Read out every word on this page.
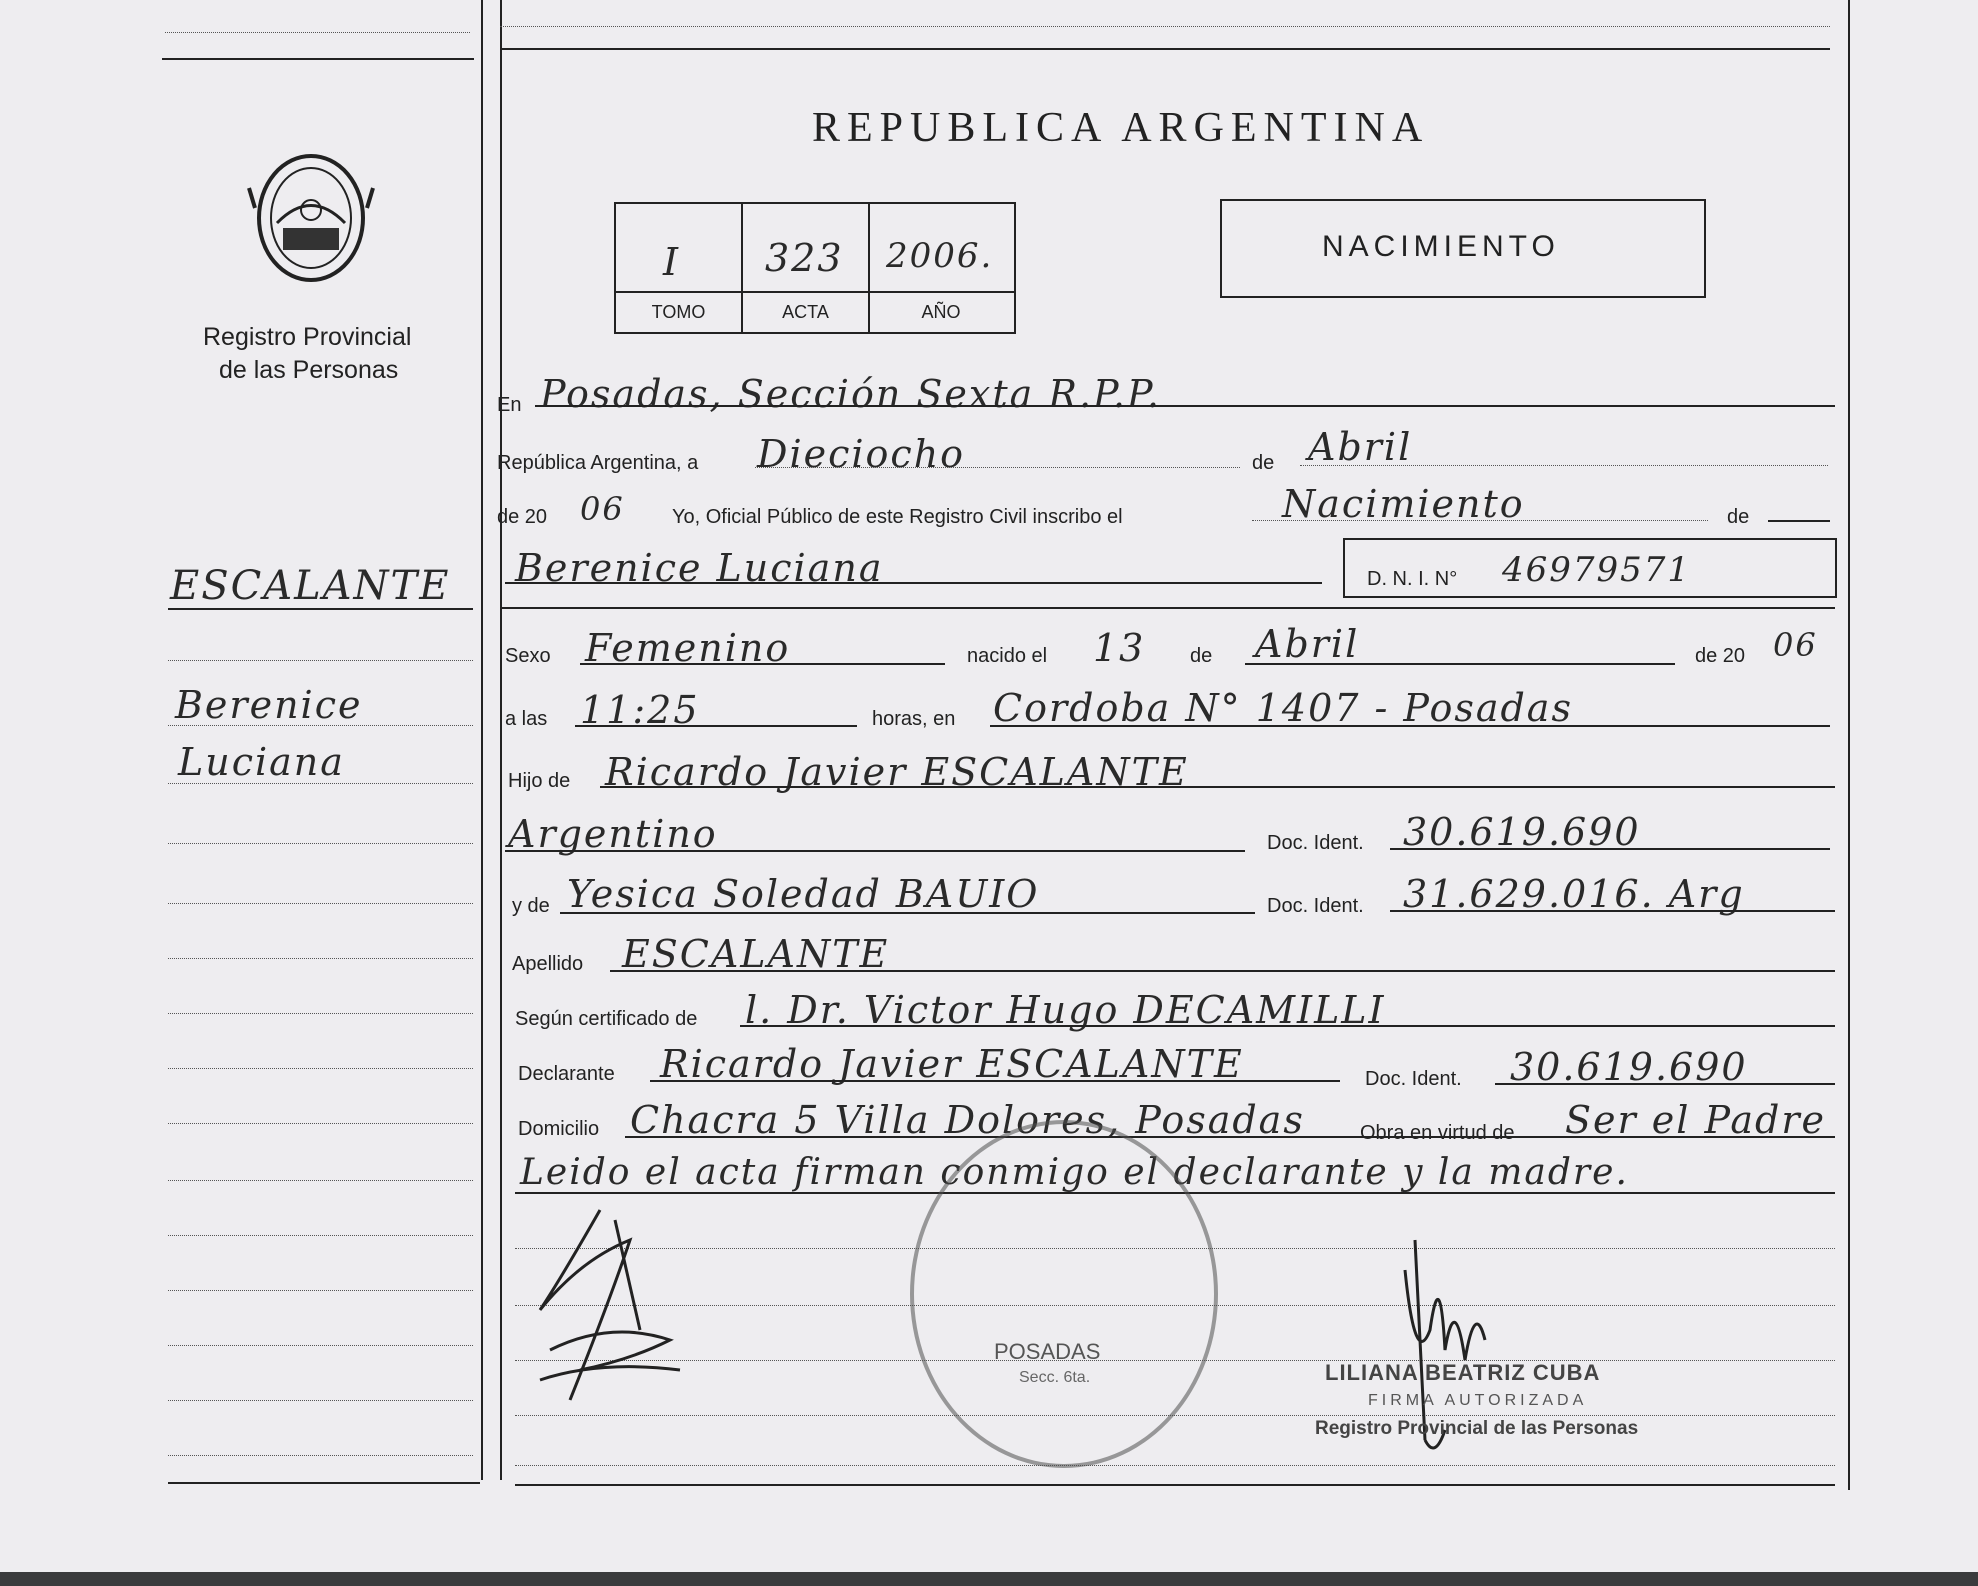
Registro Provincial
de las Personas
ESCALANTE
Berenice
Luciana
REPUBLICA ARGENTINA
I 323 2006.
TOMO	ACTA	AÑO
NACIMIENTO
En Posadas, Sección Sexta R.P.P.
República Argentina, a Dieciocho	de Abril
de 20 06 Yo, Oficial Público de este Registro Civil inscribo el	Nacimiento	de
Berenice Luciana	D. N. I. N° 46979571
Sexo Femenino	nacido el 13 de Abril	de 20 06
a las 11:25	horas, en Cordoba N° 1407 - Posadas
Hijo de Ricardo Javier ESCALANTE
Argentino	Doc. Ident. 30.619.690
y de Yesica Soledad BAUIO	Doc. Ident. 31.629.016. Arg
Apellido ESCALANTE
Según certificado de l. Dr. Victor Hugo DECAMILLI
Declarante Ricardo Javier ESCALANTE	Doc. Ident. 30.619.690
Domicilio Chacra 5 Villa Dolores, Posadas	Obra en virtud de Ser el Padre
Leido el acta firman conmigo el declarante y la madre.
POSADAS
Secc. 6ta.	LILIANA BEATRIZ CUBA
FIRMA AUTORIZADA
Registro Provincial de las Personas
